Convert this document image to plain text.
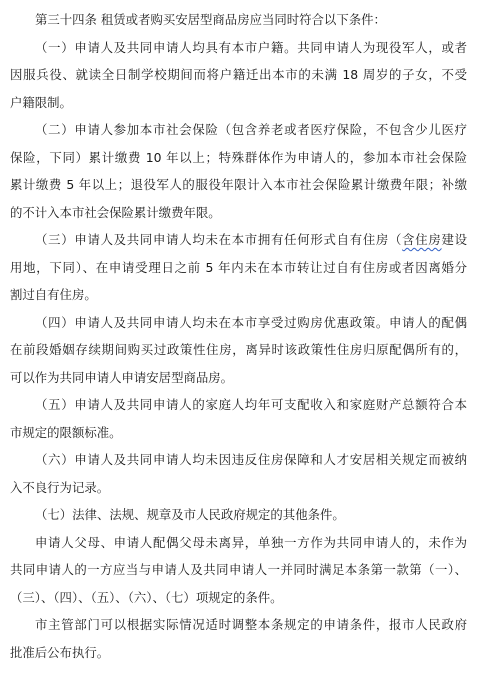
第三十四条 租赁或者购买安居型商品房应当同时符合以下条件：
（一）申请人及共同申请人均具有本市户籍。共同申请人为现役军人，或者
因服兵役、就读全日制学校期间而将户籍迁出本市的未满 18 周岁的子女，不受
户籍限制。
（二）申请人参加本市社会保险（包含养老或者医疗保险，不包含少儿医疗
保险，下同）累计缴费 10 年以上；特殊群体作为申请人的，参加本市社会保险
累计缴费 5 年以上；退役军人的服役年限计入本市社会保险累计缴费年限；补缴
的不计入本市社会保险累计缴费年限。
（三）申请人及共同申请人均未在本市拥有任何形式自有住房（含住房建设
用地，下同）、在申请受理日之前 5 年内未在本市转让过自有住房或者因离婚分
割过自有住房。
（四）申请人及共同申请人均未在本市享受过购房优惠政策。申请人的配偶
在前段婚姻存续期间购买过政策性住房，离异时该政策性住房归原配偶所有的，
可以作为共同申请人申请安居型商品房。
（五）申请人及共同申请人的家庭人均年可支配收入和家庭财产总额符合本
市规定的限额标准。
（六）申请人及共同申请人均未因违反住房保障和人才安居相关规定而被纳
入不良行为记录。
（七）法律、法规、规章及市人民政府规定的其他条件。
申请人父母、申请人配偶父母未离异，单独一方作为共同申请人的，未作为
共同申请人的一方应当与申请人及共同申请人一并同时满足本条第一款第（一）、
（三）、（四）、（五）、（六）、（七）项规定的条件。
市主管部门可以根据实际情况适时调整本条规定的申请条件，报市人民政府
批准后公布执行。
